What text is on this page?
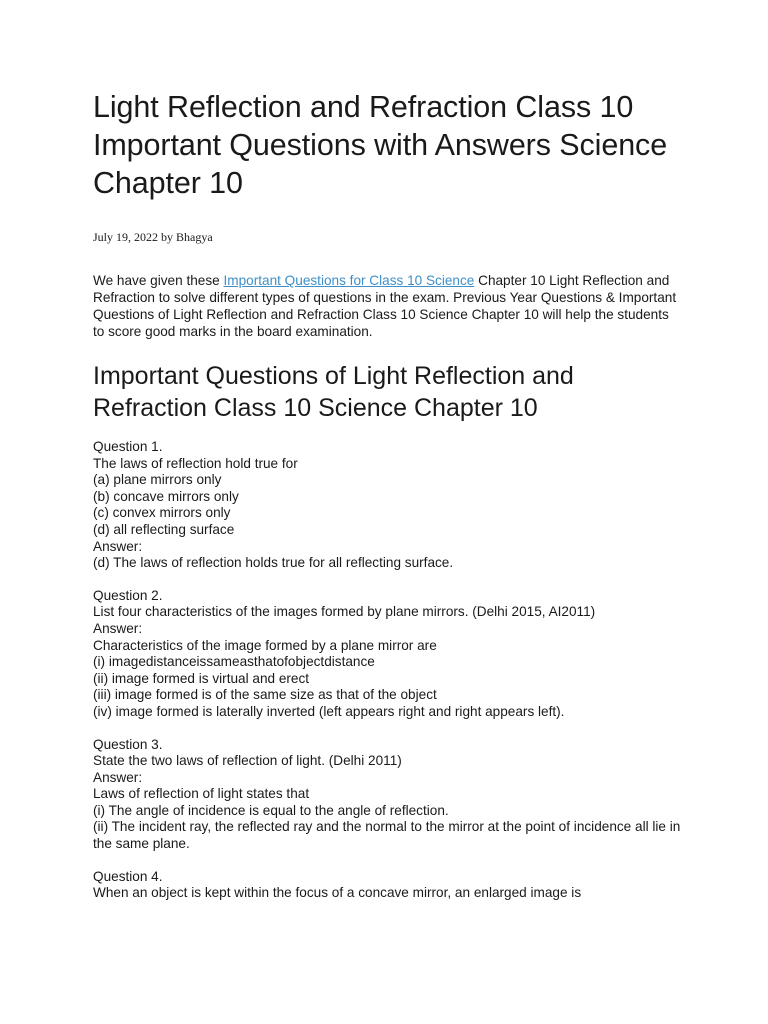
Light Reflection and Refraction Class 10 Important Questions with Answers Science Chapter 10
July 19, 2022 by Bhagya

We have given these Important Questions for Class 10 Science Chapter 10 Light Reflection and Refraction to solve different types of questions in the exam. Previous Year Questions & Important Questions of Light Reflection and Refraction Class 10 Science Chapter 10 will help the students to score good marks in the board examination.

Important Questions of Light Reflection and Refraction Class 10 Science Chapter 10
Question 1.
The laws of reflection hold true for
(a) plane mirrors only
(b) concave mirrors only
(c) convex mirrors only
(d) all reflecting surface
Answer:
(d) The laws of reflection holds true for all reflecting surface.
Question 2.
List four characteristics of the images formed by plane mirrors. (Delhi 2015, AI2011)
Answer:
Characteristics of the image formed by a plane mirror are
(i) imagedistanceissameasthatofobjectdistance
(ii) image formed is virtual and erect
(iii) image formed is of the same size as that of the object
(iv) image formed is laterally inverted (left appears right and right appears left).
Question 3.
State the two laws of reflection of light. (Delhi 2011)
Answer:
Laws of reflection of light states that
(i) The angle of incidence is equal to the angle of reflection.
(ii) The incident ray, the reflected ray and the normal to the mirror at the point of incidence all lie in the same plane.
Question 4.
When an object is kept within the focus of a concave mirror, an enlarged image is
